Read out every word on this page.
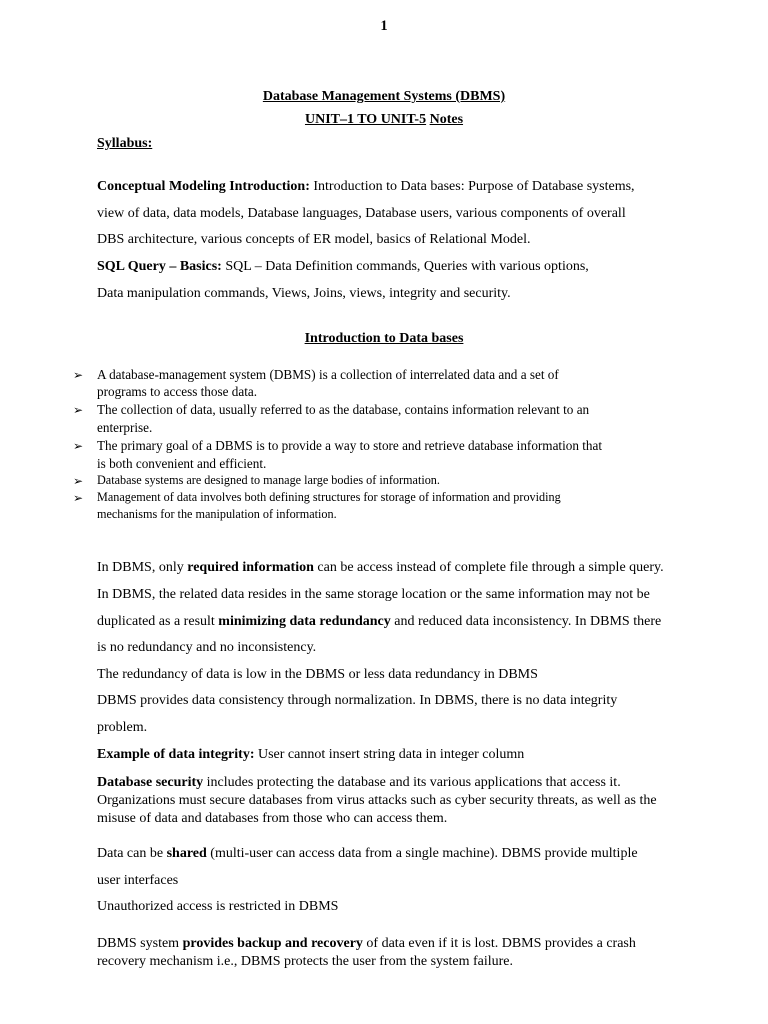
1
Database Management Systems (DBMS)
UNIT–1 TO UNIT-5 Notes
Syllabus:
Conceptual Modeling Introduction: Introduction to Data bases: Purpose of Database systems,
view of data, data models, Database languages, Database users, various components of overall
DBS architecture, various concepts of ER model, basics of Relational Model.
SQL Query – Basics: SQL – Data Definition commands, Queries with various options,
Data manipulation commands, Views, Joins, views, integrity and security.
Introduction to Data bases
➢ A database-management system (DBMS) is a collection of interrelated data and a set of
programs to access those data.
➢ The collection of data, usually referred to as the database, contains information relevant to an
enterprise.
➢ The primary goal of a DBMS is to provide a way to store and retrieve database information that
is both convenient and efficient.
➢ Database systems are designed to manage large bodies of information.
➢ Management of data involves both defining structures for storage of information and providing
mechanisms for the manipulation of information.
In DBMS, only required information can be access instead of complete file through a simple query.
In DBMS, the related data resides in the same storage location or the same information may not be
duplicated as a result minimizing data redundancy and reduced data inconsistency. In DBMS there
is no redundancy and no inconsistency.
The redundancy of data is low in the DBMS or less data redundancy in DBMS
DBMS provides data consistency through normalization. In DBMS, there is no data integrity
problem.
Example of data integrity: User cannot insert string data in integer column
Database security includes protecting the database and its various applications that access it.
Organizations must secure databases from virus attacks such as cyber security threats, as well as the
misuse of data and databases from those who can access them.
Data can be shared (multi-user can access data from a single machine). DBMS provide multiple
user interfaces
Unauthorized access is restricted in DBMS
DBMS system provides backup and recovery of data even if it is lost. DBMS provides a crash
recovery mechanism i.e., DBMS protects the user from the system failure.
